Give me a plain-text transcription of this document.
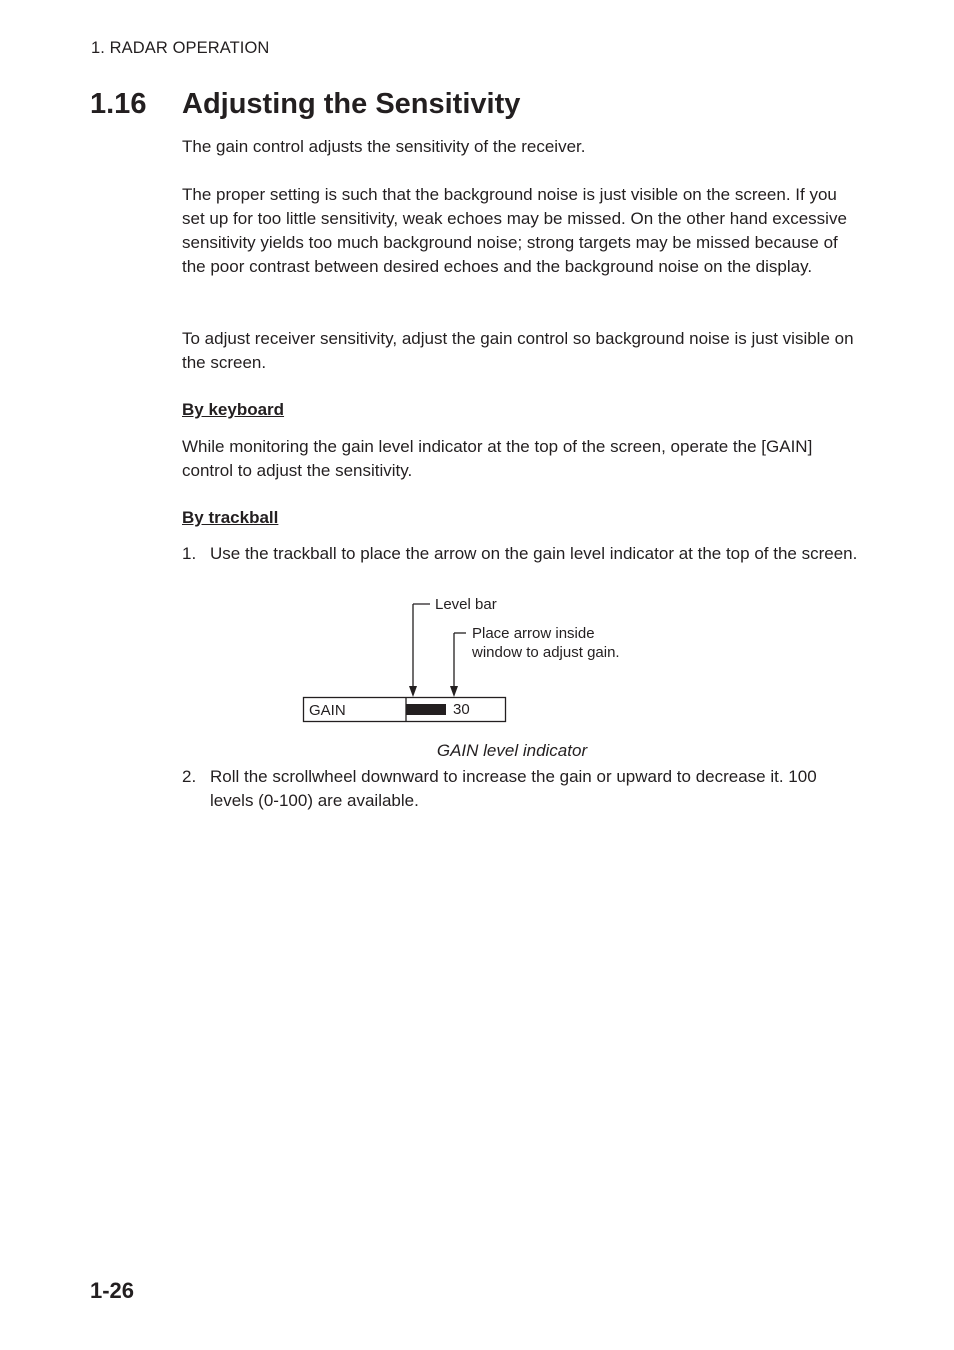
1. RADAR OPERATION
1.16 Adjusting the Sensitivity

The gain control adjusts the sensitivity of the receiver.

The proper setting is such that the background noise is just visible on the screen. If you set up for too little sensitivity, weak echoes may be missed. On the other hand excessive sensitivity yields too much background noise; strong targets may be missed because of the poor contrast between desired echoes and the background noise on the display.

To adjust receiver sensitivity, adjust the gain control so background noise is just visible on the screen.

By keyboard

While monitoring the gain level indicator at the top of the screen, operate the [GAIN] control to adjust the sensitivity.

By trackball
1. Use the trackball to place the arrow on the gain level indicator at the top of the screen.
Level bar
Place arrow inside
window to adjust gain.
GAIN	30
GAIN level indicator
2. Roll the scrollwheel downward to increase the gain or upward to decrease it. 100 levels (0-100) are available.
1-26
